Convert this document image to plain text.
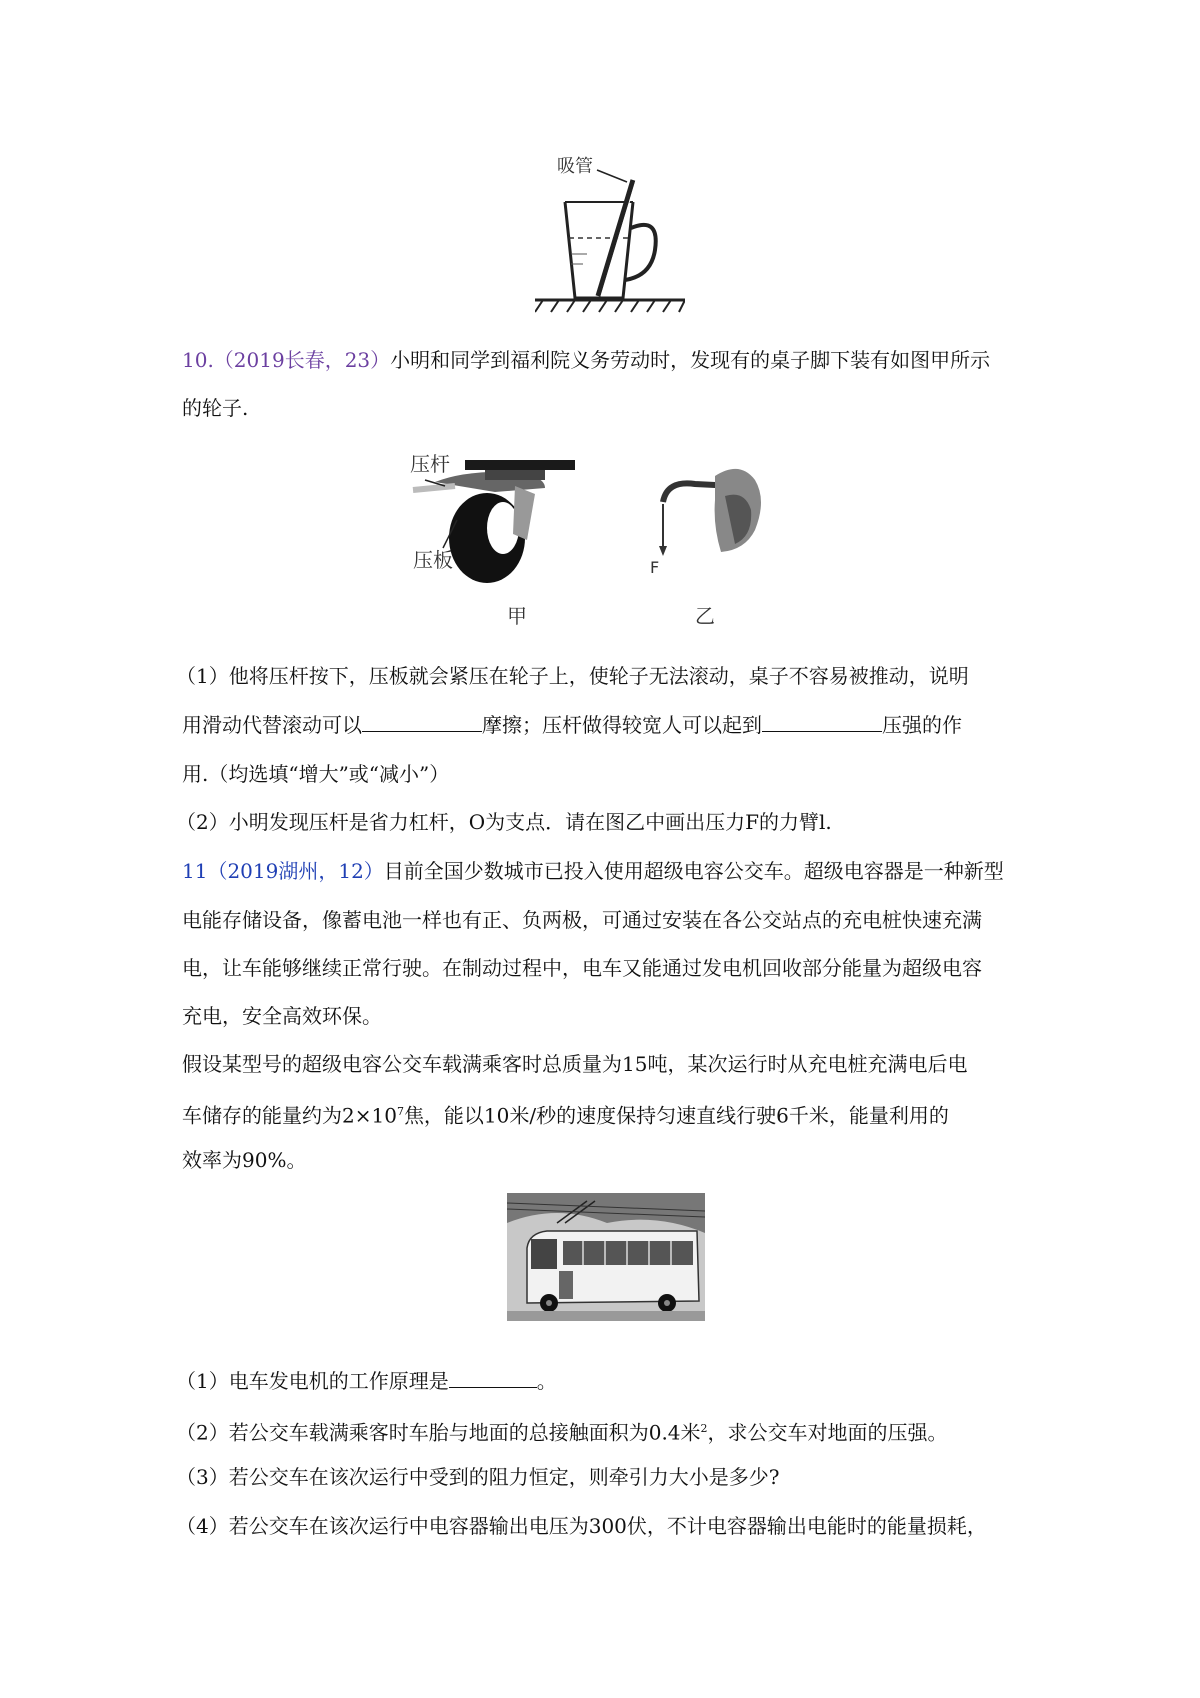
吸管
10.（2019长春，23）小明和同学到福利院义务劳动时，发现有的桌子脚下装有如图甲所示
的轮子.
压杆
压板	F
甲	乙
（1）他将压杆按下，压板就会紧压在轮子上，使轮子无法滚动，桌子不容易被推动，说明
用滑动代替滚动可以	摩擦；压杆做得较宽人可以起到	压强的作
用.（均选填“增大”或“减小”）
（2）小明发现压杆是省力杠杆，O为支点．请在图乙中画出压力F的力臂l.
11（2019湖州，12）目前全国少数城市已投入使用超级电容公交车。超级电容器是一种新型
电能存储设备，像蓄电池一样也有正、负两极，可通过安装在各公交站点的充电桩快速充满
电，让车能够继续正常行驶。在制动过程中，电车又能通过发电机回收部分能量为超级电容
充电，安全高效环保。
假设某型号的超级电容公交车载满乘客时总质量为15吨，某次运行时从充电桩充满电后电
车储存的能量约为$2\times 10^7$焦，能以10米/秒的速度保持匀速直线行驶6千米，能量利用的
效率为90%。
（1）电车发电机的工作原理是	。
（2）若公交车载满乘客时车胎与地面的总接触面积为0.4米$^2$，求公交车对地面的压强。
（3）若公交车在该次运行中受到的阻力恒定，则牵引力大小是多少?
（4）若公交车在该次运行中电容器输出电压为300伏，不计电容器输出电能时的能量损耗，
